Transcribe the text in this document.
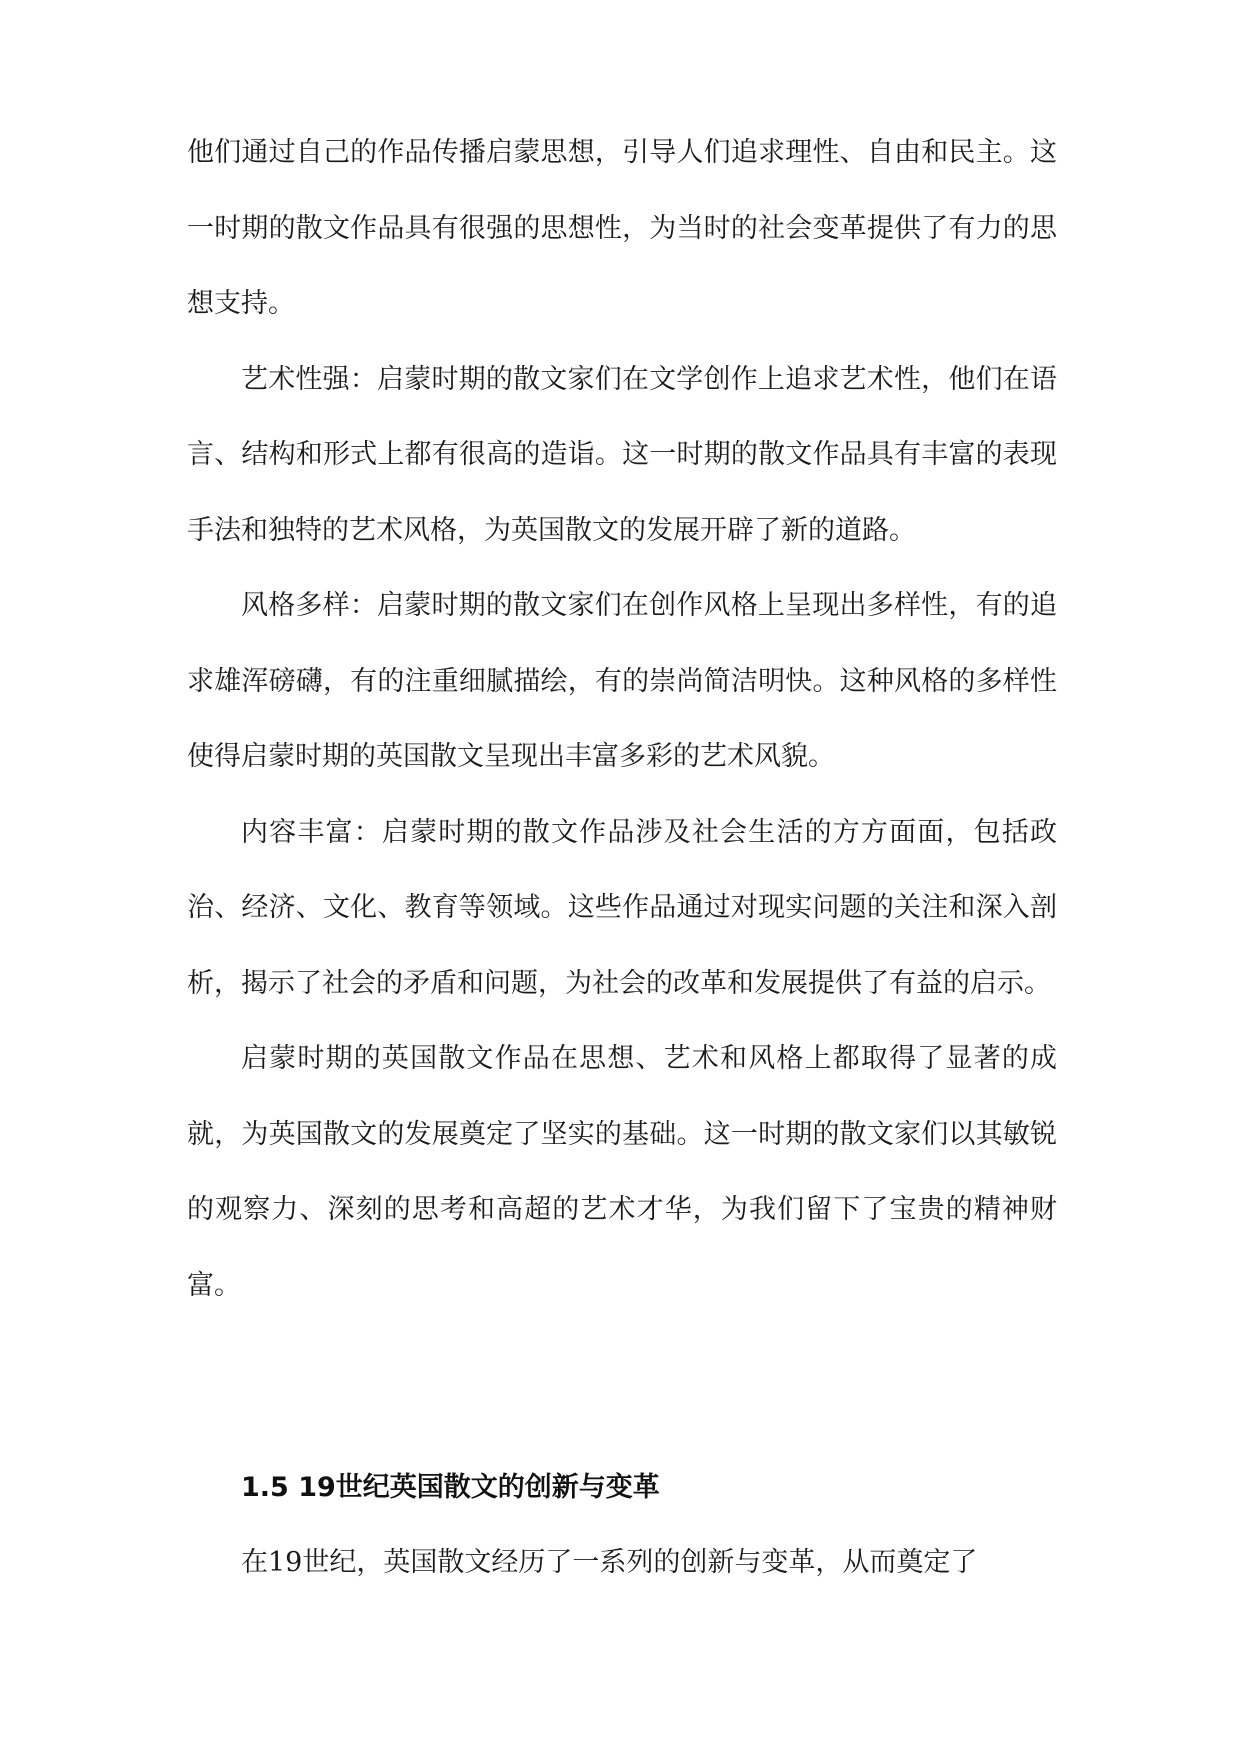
他们通过自己的作品传播启蒙思想，引导人们追求理性、自由和民主。这一时期的散文作品具有很强的思想性，为当时的社会变革提供了有力的思想支持。

艺术性强：启蒙时期的散文家们在文学创作上追求艺术性，他们在语言、结构和形式上都有很高的造诣。这一时期的散文作品具有丰富的表现手法和独特的艺术风格，为英国散文的发展开辟了新的道路。

风格多样：启蒙时期的散文家们在创作风格上呈现出多样性，有的追求雄浑磅礴，有的注重细腻描绘，有的崇尚简洁明快。这种风格的多样性使得启蒙时期的英国散文呈现出丰富多彩的艺术风貌。

内容丰富：启蒙时期的散文作品涉及社会生活的方方面面，包括政治、经济、文化、教育等领域。这些作品通过对现实问题的关注和深入剖析，揭示了社会的矛盾和问题，为社会的改革和发展提供了有益的启示。

启蒙时期的英国散文作品在思想、艺术和风格上都取得了显著的成就，为英国散文的发展奠定了坚实的基础。这一时期的散文家们以其敏锐的观察力、深刻的思考和高超的艺术才华，为我们留下了宝贵的精神财富。

1.5 19世纪英国散文的创新与变革

在19世纪，英国散文经历了一系列的创新与变革，从而奠定了
